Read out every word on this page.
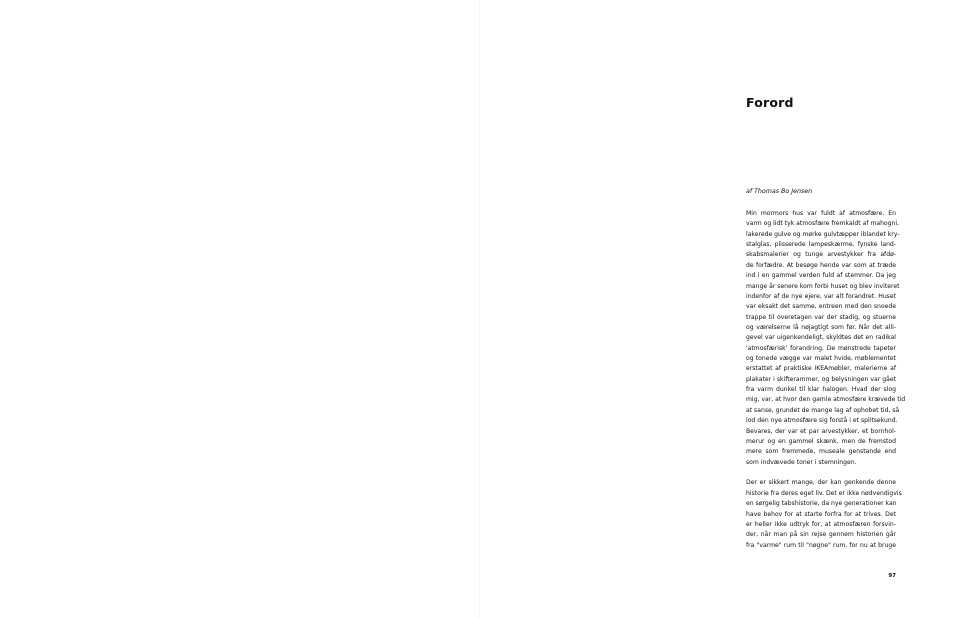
Forord

af Thomas Bo Jensen

Min mormors hus var fuldt af atmosfære. En
varm og lidt tyk atmosfære fremkaldt af mahogni,
lakerede gulve og mørke gulvtæpper iblandet kry-
stalglas, plisserede lampeskærme, fynske land-
skabsmalerier og tunge arvestykker fra afdø-
de forfædre. At besøge hende var som at træde
ind i en gammel verden fuld af stemmer. Da jeg
mange år senere kom forbi huset og blev inviteret
indenfor af de nye ejere, var alt forandret. Huset
var eksakt det samme, entreen med den snoede
trappe til overetagen var der stadig, og stuerne
og værelserne lå nøjagtigt som før. Når det alli-
gevel var uigenkendeligt, skyldtes det en radikal
'atmosfærisk' forandring. De mønstrede tapeter
og tonede vægge var malet hvide, møblementet
erstattet af praktiske IKEAmøbler, malerierne af
plakater i skifterammer, og belysningen var gået
fra varm dunkel til klar halogen. Hvad der slog
mig, var, at hvor den gamle atmosfære krævede tid
at sanse, grundet de mange lag af ophobet tid, så
lod den nye atmosfære sig forstå i et splitsekund.
Bevares, der var et par arvestykker, et bornhol-
merur og en gammel skænk, men de fremstod
mere som fremmede, museale genstande end
som indvævede toner i stemningen.

Der er sikkert mange, der kan genkende denne
historie fra deres eget liv. Det er ikke nødvendigvis
en sørgelig tabshistorie, da nye generationer kan
have behov for at starte forfra for at trives. Det
er heller ikke udtryk for, at atmosfæren forsvin-
der, når man på sin rejse gennem historien går
fra "varme" rum til "nøgne" rum, for nu at bruge

97
